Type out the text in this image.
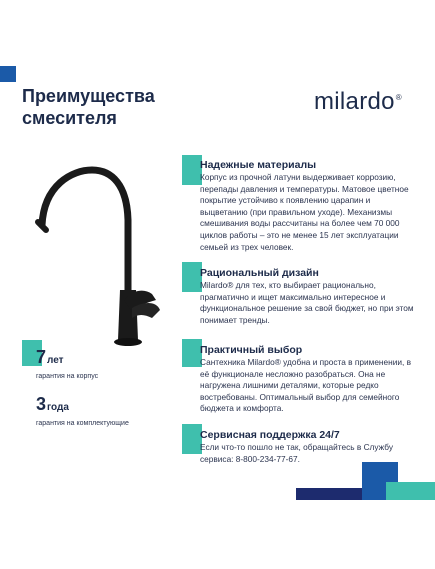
Преимущества
смесителя
milardo®
Надежные материалы
Корпус из прочной латуни выдерживает коррозию, перепады давления и температуры. Матовое цветное покрытие устойчиво к появлению царапин и выцветанию (при правильном уходе). Механизмы смешивания воды рассчитаны на более чем 70 000 циклов работы – это не менее 15 лет эксплуатации семьей из трех человек.
Рациональный дизайн
Milardo® для тех, кто выбирает рационально, прагматично и ищет максимально интересное и функциональное решение за свой бюджет, но при этом понимает тренды.
Практичный выбор
Сантехника Milardo® удобна и проста в применении, в её функционале несложно разобраться. Она не нагружена лишними деталями, которые редко востребованы. Оптимальный выбор для семейного бюджета и комфорта.
Сервисная поддержка 24/7
Если что-то пошло не так, обращайтесь в Службу сервиса: 8-800-234-77-67.
7лет
гарантия на корпус
3года
гарантия на комплектующие
